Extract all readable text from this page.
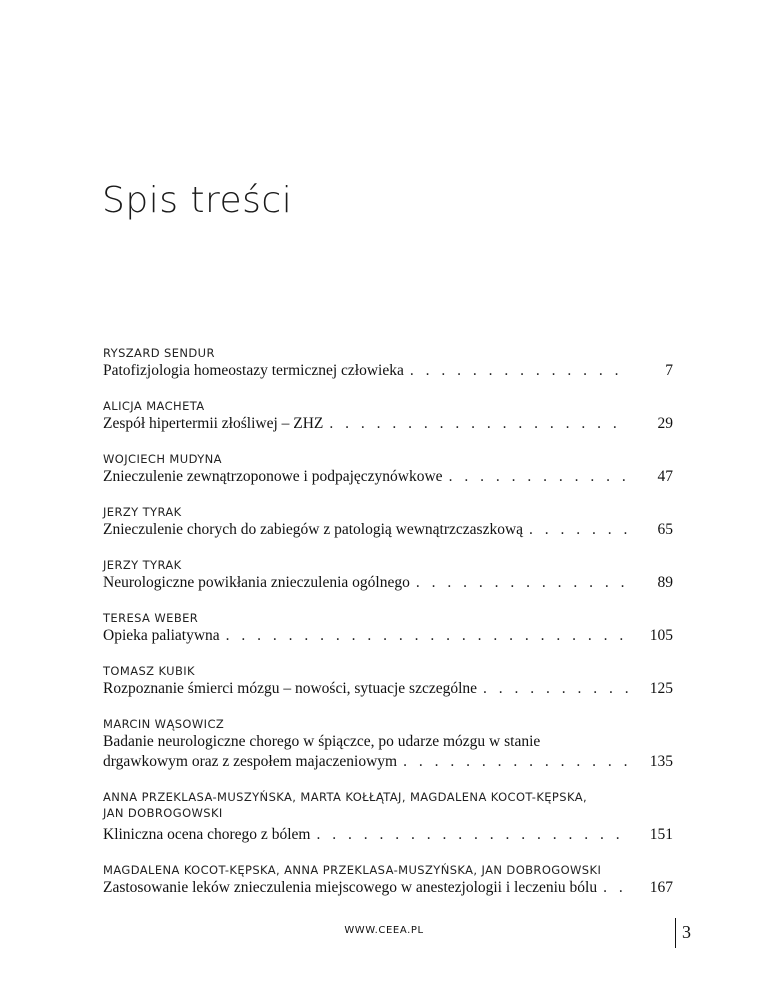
Spis treści
RYSZARD SENDUR
Patofizjologia homeostazy termicznej człowieka . . .	7
ALICJA MACHETA
Zespół hipertermii złośliwej – ZHZ . . .	29
WOJCIECH MUDYNA
Znieczulenie zewnątrzoponowe i podpajęczynówkowe . . .	47
JERZY TYRAK
Znieczulenie chorych do zabiegów z patologią wewnątrzczaszkową . . .	65
JERZY TYRAK
Neurologiczne powikłania znieczulenia ogólnego . . .	89
TERESA WEBER
Opieka paliatywna . . .	105
TOMASZ KUBIK
Rozpoznanie śmierci mózgu – nowości, sytuacje szczególne . . .	125
MARCIN WĄSOWICZ
Badanie neurologiczne chorego w śpiączce, po udarze mózgu w stanie
drgawkowym oraz z zespołem majaczeniowym . . .	135
ANNA PRZEKLASA-MUSZYŃSKA, MARTA KOŁŁĄTAJ, MAGDALENA KOCOT-KĘPSKA,
JAN DOBROGOWSKI
Kliniczna ocena chorego z bólem . . .	151
MAGDALENA KOCOT-KĘPSKA, ANNA PRZEKLASA-MUSZYŃSKA, JAN DOBROGOWSKI
Zastosowanie leków znieczulenia miejscowego w anestezjologii i leczeniu bólu . . .	167
WWW.CEEA.PL	3
